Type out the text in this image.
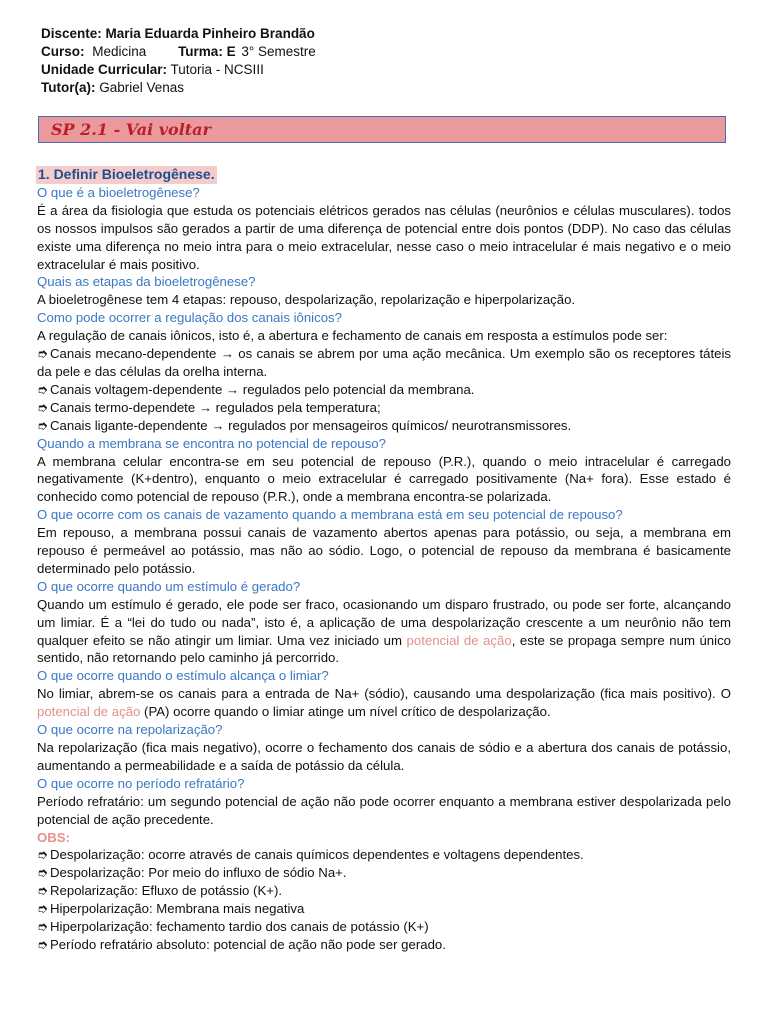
Discente: Maria Eduarda Pinheiro Brandão
Curso: Medicina Turma: E 3° Semestre
Unidade Curricular: Tutoria - NCSIII
Tutor(a): Gabriel Venas
SP 2.1 - Vai voltar

1. Definir Bioeletrogênese.

O que é a bioeletrogênese?

É a área da fisiologia que estuda os potenciais elétricos gerados nas células (neurônios e células musculares). todos os nossos impulsos são gerados a partir de uma diferença de potencial entre dois pontos (DDP). No caso das células existe uma diferença no meio intra para o meio extracelular, nesse caso o meio intracelular é mais negativo e o meio extracelular é mais positivo.

Quais as etapas da bioeletrogênese?

A bioeletrogênese tem 4 etapas: repouso, despolarização, repolarização e hiperpolarização.

Como pode ocorrer a regulação dos canais iônicos?

A regulação de canais iônicos, isto é, a abertura e fechamento de canais em resposta a estímulos pode ser:

➮ Canais mecano-dependente → os canais se abrem por uma ação mecânica. Um exemplo são os receptores táteis da pele e das células da orelha interna.

➮ Canais voltagem-dependente → regulados pelo potencial da membrana.

➮ Canais termo-dependete → regulados pela temperatura;

➮ Canais ligante-dependente → regulados por mensageiros químicos/ neurotransmissores.

Quando a membrana se encontra no potencial de repouso?

A membrana celular encontra-se em seu potencial de repouso (P.R.), quando o meio intracelular é carregado negativamente (K+dentro), enquanto o meio extracelular é carregado positivamente (Na+ fora). Esse estado é conhecido como potencial de repouso (P.R.), onde a membrana encontra-se polarizada.

O que ocorre com os canais de vazamento quando a membrana está em seu potencial de repouso?

Em repouso, a membrana possui canais de vazamento abertos apenas para potássio, ou seja, a membrana em repouso é permeável ao potássio, mas não ao sódio. Logo, o potencial de repouso da membrana é basicamente determinado pelo potássio.

O que ocorre quando um estímulo é gerado?

Quando um estímulo é gerado, ele pode ser fraco, ocasionando um disparo frustrado, ou pode ser forte, alcançando um limiar. É a “lei do tudo ou nada”, isto é, a aplicação de uma despolarização crescente a um neurônio não tem qualquer efeito se não atingir um limiar. Uma vez iniciado um potencial de ação, este se propaga sempre num único sentido, não retornando pelo caminho já percorrido.

O que ocorre quando o estímulo alcança o limiar?

No limiar, abrem-se os canais para a entrada de Na+ (sódio), causando uma despolarização (fica mais positivo). O potencial de ação (PA) ocorre quando o limiar atinge um nível crítico de despolarização.

O que ocorre na repolarização?

Na repolarização (fica mais negativo), ocorre o fechamento dos canais de sódio e a abertura dos canais de potássio, aumentando a permeabilidade e a saída de potássio da célula.

O que ocorre no período refratário?

Período refratário: um segundo potencial de ação não pode ocorrer enquanto a membrana estiver despolarizada pelo potencial de ação precedente.

OBS:

➮ Despolarização: ocorre através de canais químicos dependentes e voltagens dependentes.

➮ Despolarização: Por meio do influxo de sódio Na+.

➮ Repolarização: Efluxo de potássio (K+).

➮ Hiperpolarização: Membrana mais negativa

➮ Hiperpolarização: fechamento tardio dos canais de potássio (K+)

➮ Período refratário absoluto: potencial de ação não pode ser gerado.
